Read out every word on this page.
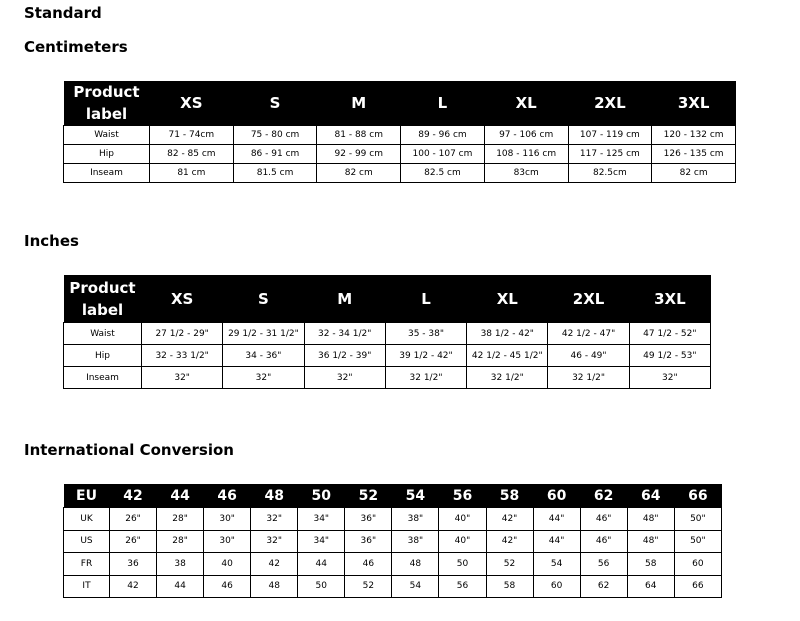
Standard
Centimeters
Product
label	XS	S	M	L	XL	2XL	3XL
Waist	71 - 74cm	75 - 80 cm	81 - 88 cm	89 - 96 cm	97 - 106 cm	107 - 119 cm	120 - 132 cm
Hip	82 - 85 cm	86 - 91 cm	92 - 99 cm	100 - 107 cm	108 - 116 cm	117 - 125 cm	126 - 135 cm
Inseam	81 cm	81.5 cm	82 cm	82.5 cm	83cm	82.5cm	82 cm
Inches
Product
label	XS	S	M	L	XL	2XL	3XL
Waist	27 1/2 - 29"	29 1/2 - 31 1/2"	32 - 34 1/2"	35 - 38"	38 1/2 - 42"	42 1/2 - 47"	47 1/2 - 52"
Hip	32 - 33 1/2"	34 - 36"	36 1/2 - 39"	39 1/2 - 42"	42 1/2 - 45 1/2"	46 - 49"	49 1/2 - 53"
Inseam	32"	32"	32"	32 1/2"	32 1/2"	32 1/2"	32"
International Conversion
EU	42	44	46	48	50	52	54	56	58	60	62	64	66
UK	26"	28"	30"	32"	34"	36"	38"	40"	42"	44"	46"	48"	50"
US	26"	28"	30"	32"	34"	36"	38"	40"	42"	44"	46"	48"	50"
FR	36	38	40	42	44	46	48	50	52	54	56	58	60
IT	42	44	46	48	50	52	54	56	58	60	62	64	66
